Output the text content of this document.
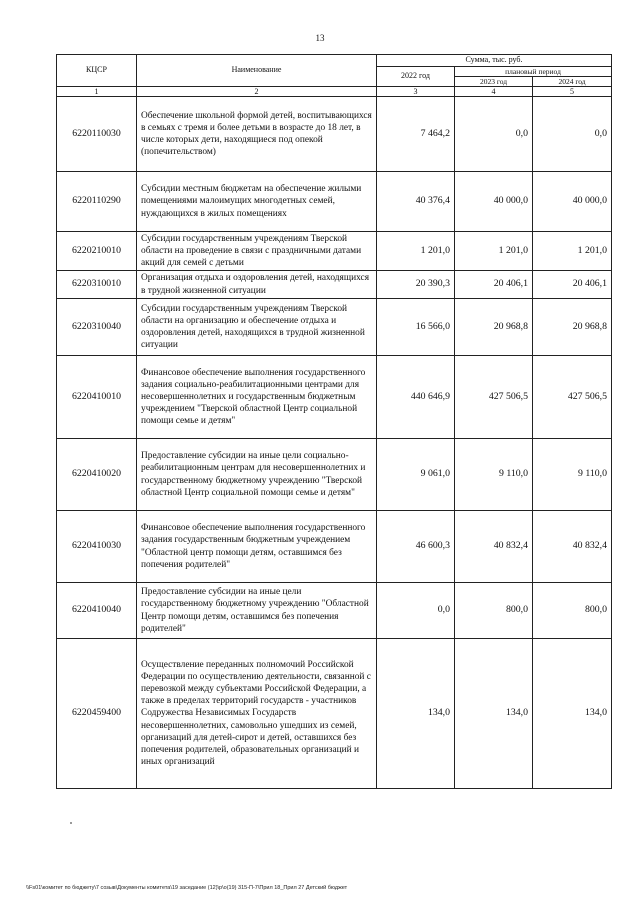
13
КЦСР	Наименование	Сумма, тыс. руб.		
		2022 год	плановый период	
			2023 год	2024 год
1	2	3	4	5
6220110030	Обеспечение школьной формой детей, воспитывающихся в семьях с тремя и более детьми в возрасте до 18 лет, в числе которых дети, находящиеся под опекой (попечительством)	7 464,2	0,0	0,0
6220110290	Субсидии местным бюджетам на обеспечение жилыми помещениями малоимущих многодетных семей, нуждающихся в жилых помещениях	40 376,4	40 000,0	40 000,0
6220210010	Субсидии государственным учреждениям Тверской области на проведение в связи с праздничными датами акций для семей с детьми	1 201,0	1 201,0	1 201,0
6220310010	Организация отдыха и оздоровления детей, находящихся в трудной жизненной ситуации	20 390,3	20 406,1	20 406,1
6220310040	Субсидии государственным учреждениям Тверской области на организацию и обеспечение отдыха и оздоровления детей, находящихся в трудной жизненной ситуации	16 566,0	20 968,8	20 968,8
6220410010	Финансовое обеспечение выполнения государственного задания социально-реабилитационными центрами для несовершеннолетних и государственным бюджетным учреждением "Тверской областной Центр социальной помощи семье и детям"	440 646,9	427 506,5	427 506,5
6220410020	Предоставление субсидии на иные цели социально-реабилитационным центрам для несовершеннолетних и государственному бюджетному учреждению "Тверской областной Центр социальной помощи семье и детям"	9 061,0	9 110,0	9 110,0
6220410030	Финансовое обеспечение выполнения государственного задания государственным бюджетным учреждением "Областной центр помощи детям, оставшимся без попечения родителей"	46 600,3	40 832,4	40 832,4
6220410040	Предоставление субсидии на иные цели государственному бюджетному учреждению "Областной Центр помощи детям, оставшимся без попечения родителей"	0,0	800,0	800,0
6220459400	Осуществление переданных полномочий Российской Федерации по осуществлению деятельности, связанной с перевозкой между субъектами Российской Федерации, а также в пределах территорий государств - участников Содружества Независимых Государств несовершеннолетних, самовольно ушедших из семей, организаций для детей-сирот и детей, оставшихся без попечения родителей, образовательных организаций и иных организаций	134,0	134,0	134,0
\\Fs01\комитет по бюджету\7 созыв\Документы комитета\19 заседание (12)\р\о(19) 315-П-7\Прил 18_Прил 27 Детский бюджет
